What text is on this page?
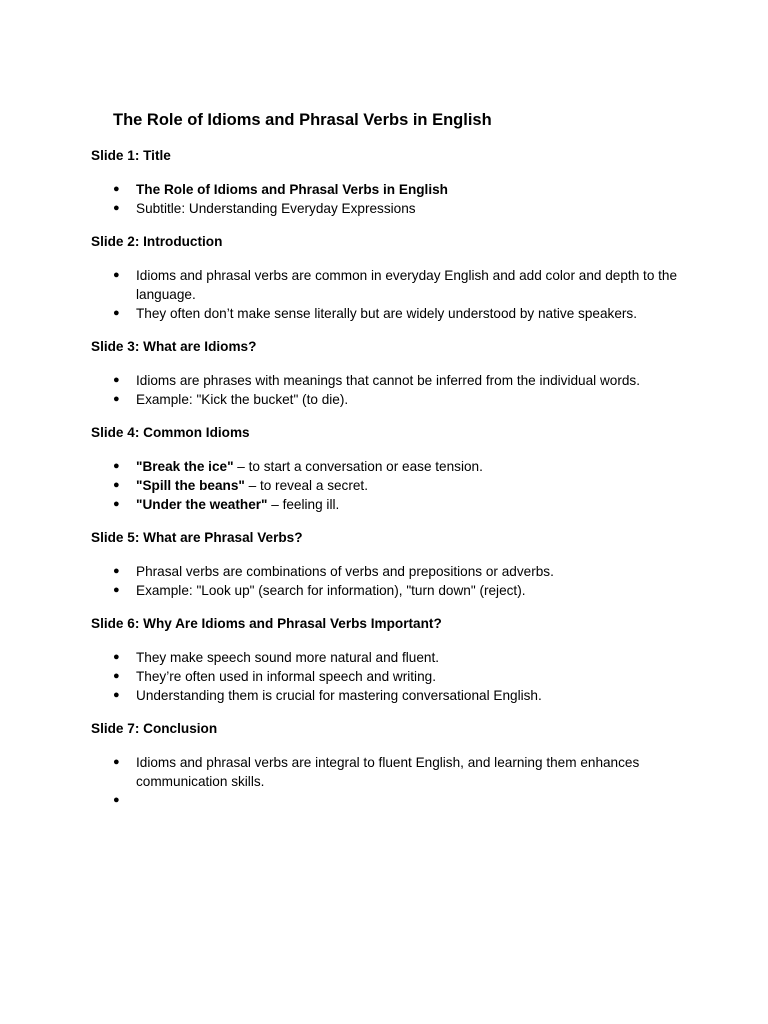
The Role of Idioms and Phrasal Verbs in English
Slide 1: Title
● The Role of Idioms and Phrasal Verbs in English
● Subtitle: Understanding Everyday Expressions
Slide 2: Introduction
● Idioms and phrasal verbs are common in everyday English and add color and depth to the language.
● They often don’t make sense literally but are widely understood by native speakers.
Slide 3: What are Idioms?
● Idioms are phrases with meanings that cannot be inferred from the individual words.
● Example: "Kick the bucket" (to die).
Slide 4: Common Idioms
● "Break the ice" – to start a conversation or ease tension.
● "Spill the beans" – to reveal a secret.
● "Under the weather" – feeling ill.
Slide 5: What are Phrasal Verbs?
● Phrasal verbs are combinations of verbs and prepositions or adverbs.
● Example: "Look up" (search for information), "turn down" (reject).
Slide 6: Why Are Idioms and Phrasal Verbs Important?
● They make speech sound more natural and fluent.
● They’re often used in informal speech and writing.
● Understanding them is crucial for mastering conversational English.
Slide 7: Conclusion
● Idioms and phrasal verbs are integral to fluent English, and learning them enhances communication skills.
●
